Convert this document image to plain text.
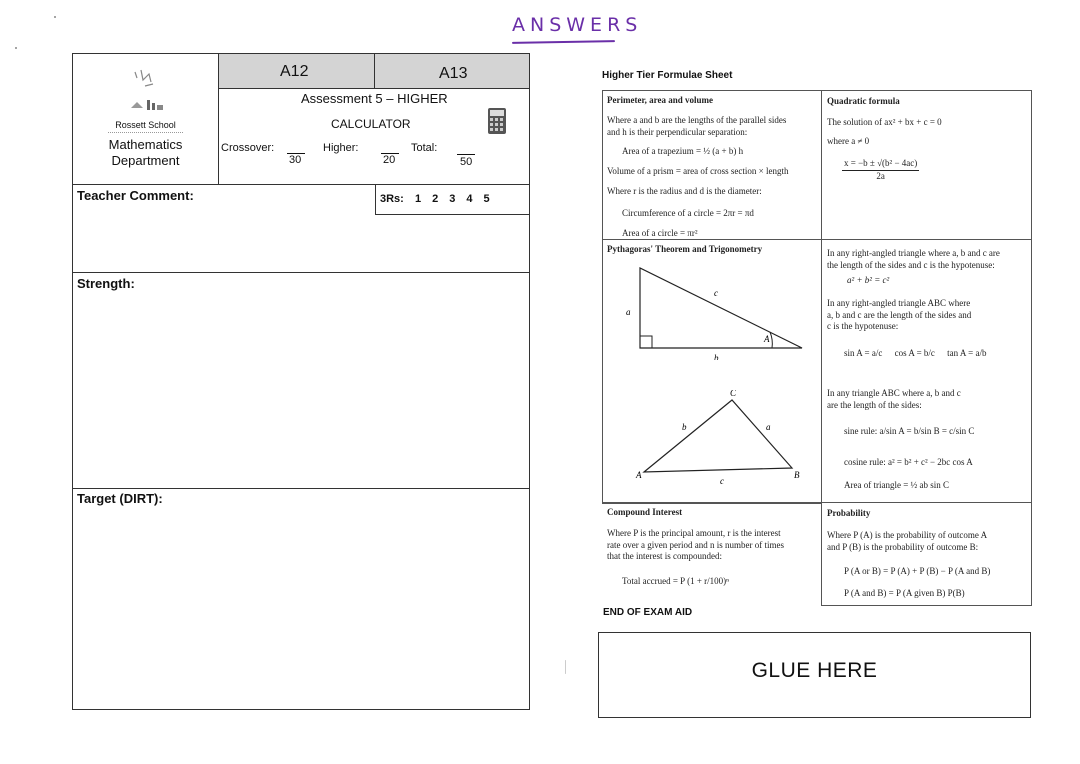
ANSWERS
Rossett School
Mathematics
Department
A12	A13
Assessment 5 – HIGHER
CALCULATOR
Crossover:
30
Higher:
20
Total:
50
3Rs: 1 2 3 4 5
Teacher Comment:
Strength:
Target (DIRT):
Higher Tier Formulae Sheet
Perimeter, area and volume
Where a and b are the lengths of the parallel sides
and h is their perpendicular separation:
Area of a trapezium = ½ (a + b) h
Volume of a prism = area of cross section × length
Where r is the radius and d is the diameter:
Circumference of a circle = 2πr = πd
Area of a circle = πr²
Quadratic formula
The solution of ax² + bx + c = 0
where a ≠ 0
$\frac{\text{x = −b ± √(b² − 4ac)}}{2a}$
Pythagoras' Theorem and Trigonometry
a
c
b
A
A
C
B
b	a
c
In any right-angled triangle where a, b and c are
the length of the sides and c is the hypotenuse:
a² + b² = c²
In any right-angled triangle ABC where
a, b and c are the length of the sides and
c is the hypotenuse:
sin A = a/c cos A = b/c tan A = a/b
In any triangle ABC where a, b and c
are the length of the sides:
sine rule: a/sin A = b/sin B = c/sin C
cosine rule: a² = b² + c² − 2bc cos A
Area of triangle = ½ ab sin C
Compound Interest
Where P is the principal amount, r is the interest
rate over a given period and n is number of times
that the interest is compounded:
Total accrued = P (1 + r/100)ⁿ
Probability
Where P (A) is the probability of outcome A
and P (B) is the probability of outcome B:
P (A or B) = P (A) + P (B) − P (A and B)
P (A and B) = P (A given B) P(B)
END OF EXAM AID
GLUE HERE
